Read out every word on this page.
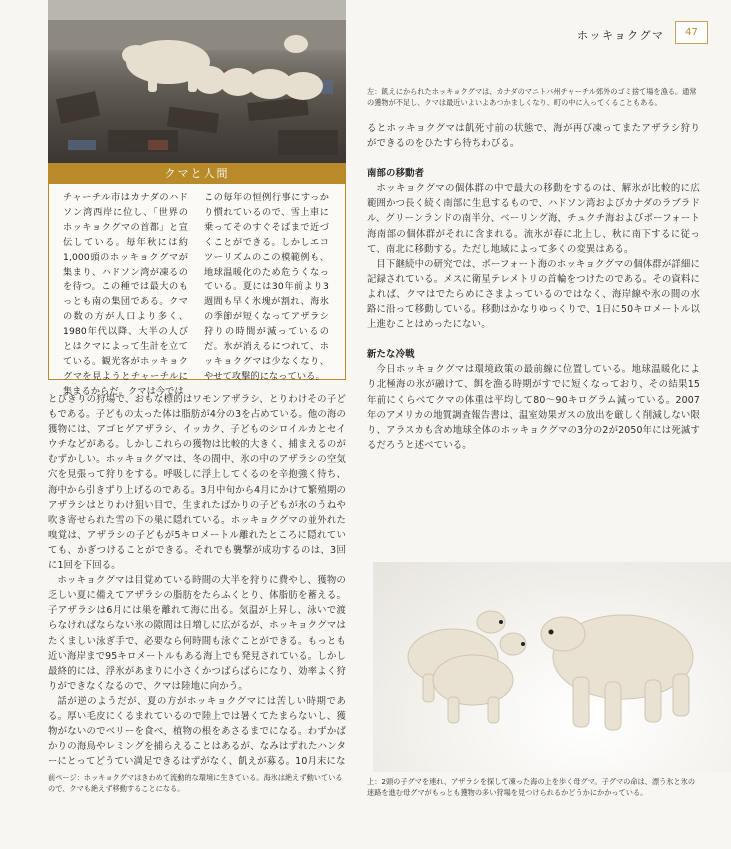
クマと人間
チャーチル市はカナダのハドソン湾西岸に位し、「世界のホッキョクグマの首都」と宣伝している。毎年秋には約1,000頭のホッキョクグマが集まり、ハドソン湾が凍るのを待つ。この種では最大のもっとも南の集団である。クマの数の方が人口より多く、1980年代以降、大半の人びとはクマによって生計を立てている。観光客がホッキョクグマを見ようとチャーチルに集まるからだ。クマは今では
この毎年の恒例行事にすっかり慣れているので、雪上車に乗ってそのすぐそばまで近づくことができる。しかしエコツーリズムのこの模範例も、地球温暖化のため危うくなっている。夏には30年前より3週間も早く氷塊が割れ、海氷の季節が短くなってアザラシ狩りの時間が減っているのだ。氷が消えるにつれて、ホッキョクグマは少なくなり、やせて攻撃的になっている。
とびきりの狩場で、おもな標的はワモンアザラシ、とりわけその子どもである。子どもの太った体は脂肪が4分の3を占めている。他の海の獲物には、アゴヒゲアザラシ、イッカク、子どものシロイルカとセイウチなどがある。しかしこれらの獲物は比較的大きく、捕まえるのがむずかしい。ホッキョクグマは、冬の間中、氷の中のアザラシの空気穴を見張って狩りをする。呼吸しに浮上してくるのを辛抱強く待ち、海中から引きずり上げるのである。3月中旬から4月にかけて繁殖期のアザラシはとりわけ狙い目で、生まれたばかりの子どもが氷のうねや吹き寄せられた雪の下の巣に隠れている。ホッキョクグマの並外れた嗅覚は、アザラシの子どもが5キロメートル離れたところに隠れていても、かぎつけることができる。それでも襲撃が成功するのは、3回に1回を下回る。
ホッキョクグマは目覚めている時間の大半を狩りに費やし、獲物の乏しい夏に備えてアザラシの脂肪をたらふくとり、体脂肪を蓄える。子アザラシは6月には巣を離れて海に出る。気温が上昇し、泳いで渡らなければならない氷の隙間は日増しに広がるが、ホッキョクグマはたくましい泳ぎ手で、必要なら何時間も泳ぐことができる。もっとも近い海岸まで95キロメートルもある海上でも発見されている。しかし最終的には、浮氷があまりに小さくかつばらばらになり、効率よく狩りができなくなるので、クマは陸地に向かう。
話が逆のようだが、夏の方がホッキョクグマには苦しい時期である。厚い毛皮にくるまれているので陸上では暑くてたまらないし、獲物がないのでベリーを食べ、植物の根をあさるまでになる。わずかばかりの海鳥やレミングを捕らえることはあるが、なみはずれたハンターにとってどうてい満足できるはずがなく、飢えが募る。10月末にな
前ページ：ホッキョクグマはきわめて流動的な環境に生きている。海氷は絶えず動いているので、クマも絶えず移動することになる。
ホッキョクグマ	47
左：飢えにかられたホッキョクグマは、カナダのマニトバ州チャーチル郊外のゴミ捨て場を漁る。通常の獲物が不足し、クマは最近いよいよあつかましくなり、町の中に入ってくることもある。
るとホッキョクグマは飢死寸前の状態で、海が再び凍ってまたアザラシ狩りができるのをひたすら待ちわびる。
南部の移動者
ホッキョクグマの個体群の中で最大の移動をするのは、解氷が比較的に広範囲かつ長く続く南部に生息するもので、ハドソン湾およびカナダのラブラドル、グリーンランドの南半分、ベーリング海、チュクチ海およびボーフォート海南部の個体群がそれに含まれる。流氷が春に北上し、秋に南下するに従って、南北に移動する。ただし地域によって多くの変異はある。
目下継続中の研究では、ボーフォート海のホッキョクグマの個体群が詳細に記録されている。メスに衛星テレメトリの首輪をつけたのである。その資料によれば、クマはでたらめにさまよっているのではなく、海岸線や氷の間の水路に沿って移動している。移動はかなりゆっくりで、1日に50キロメートル以上進むことはめったにない。
新たな冷戦
今日ホッキョクグマは環境政策の最前線に位置している。地球温暖化により北極海の氷が融けて、餌を漁る時期がすでに短くなっており、その結果15年前にくらべてクマの体重は平均して80～90キログラム減っている。2007年のアメリカの地質調査報告書は、温室効果ガスの放出を厳しく削減しない限り、アラスカも含め地球全体のホッキョクグマの3分の2が2050年には死滅するだろうと述べている。
上：2頭の子グマを連れ、アザラシを探して凍った海の上を歩く母グマ。子グマの命は、漂う氷と氷の迷路を進む母グマがもっとも獲物の多い狩場を見つけられるかどうかにかかっている。
